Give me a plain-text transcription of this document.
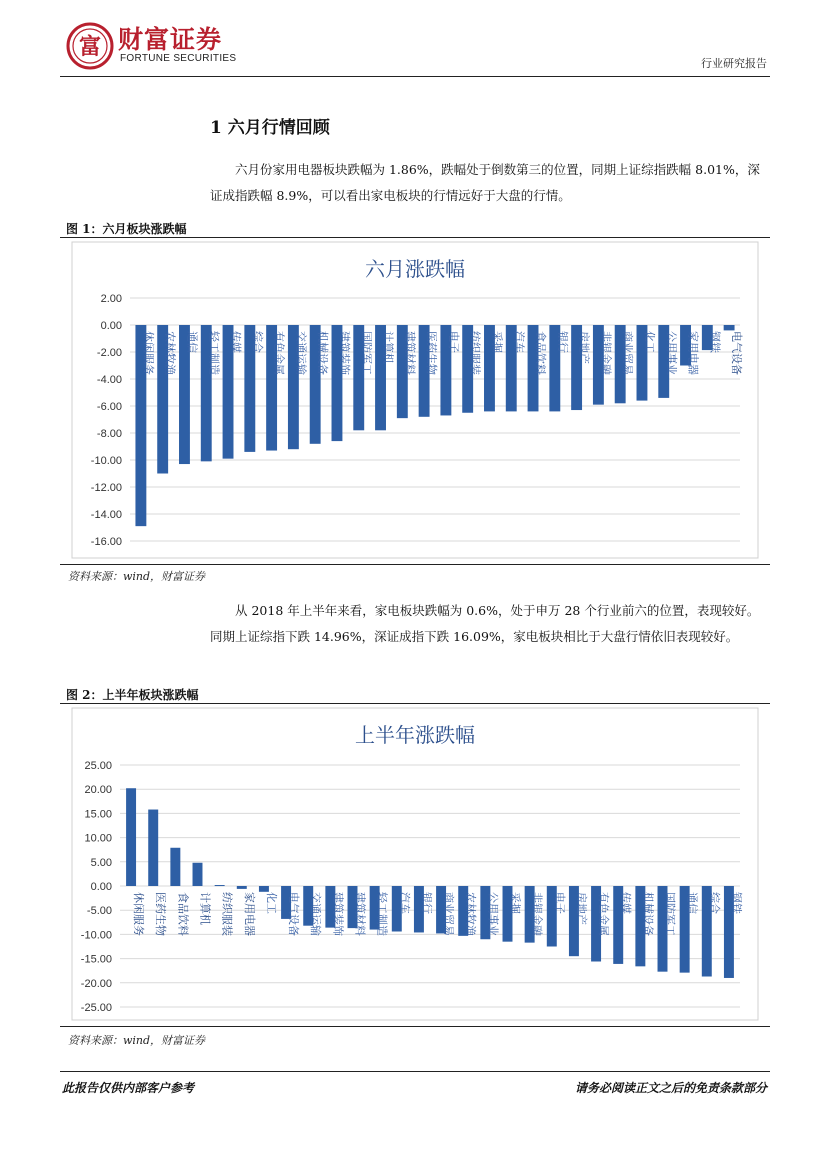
富 财富证券
FORTUNE SECURITIES	行业研究报告
1 六月行情回顾
六月份家用电器板块跌幅为 1.86%，跌幅处于倒数第三的位置，同期上证综指跌幅 8.01%，深证成指跌幅 8.9%，可以看出家电板块的行情远好于大盘的行情。
图 1：六月板块涨跌幅
六月涨跌幅
2.00
0.00
-2.00
-4.00
-6.00
-8.00
-10.00
-12.00
-14.00
-16.00
休闲服务 农林牧渔 通信 轻工制造 传媒 综合 有色金属 交通运输 机械设备 建筑装饰 国防军工 计算机 建筑材料 医药生物 电子 纺织服装 采掘 汽车 食品饮料 银行 房地产 非银金融 商业贸易 化工 公用事业 家用电器 钢铁 电气设备
资料来源：wind，财富证券
从 2018 年上半年来看，家电板块跌幅为 0.6%，处于申万 28 个行业前六的位置，表现较好。同期上证综指下跌 14.96%，深证成指下跌 16.09%，家电板块相比于大盘行情依旧表现较好。
图 2：上半年板块涨跌幅
上半年涨跌幅
25.00
20.00
15.00
10.00
5.00
0.00
-5.00
-10.00
-15.00
-20.00
-25.00
休闲服务 医药生物 食品饮料 计算机 纺织服装 家用电器 化工 电气设备 交通运输 建筑装饰 建筑材料 轻工制造 汽车 银行 商业贸易 农林牧渔 公用事业 采掘 非银金融 电子 房地产 有色金属 传媒 机械设备 国防军工 通信 综合 钢铁
资料来源：wind，财富证券
此报告仅供内部客户参考	请务必阅读正文之后的免责条款部分
